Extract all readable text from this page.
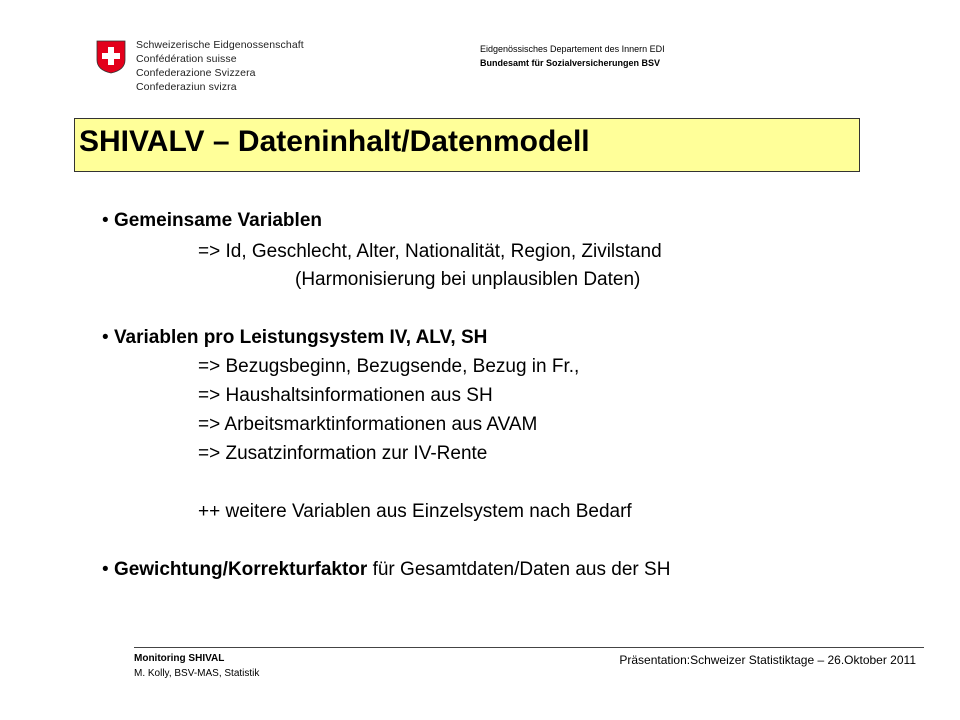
Schweizerische Eidgenossenschaft
Confédération suisse
Confederazione Svizzera
Confederaziun svizra
Eidgenössisches Departement des Innern EDI
Bundesamt für Sozialversicherungen BSV
SHIVALV – Dateninhalt/Datenmodell
• Gemeinsame Variablen
=> Id, Geschlecht, Alter, Nationalität, Region, Zivilstand
(Harmonisierung bei unplausiblen Daten)
• Variablen pro Leistungsystem IV, ALV, SH
=> Bezugsbeginn, Bezugsende, Bezug in Fr.,
=> Haushaltsinformationen aus SH
=> Arbeitsmarktinformationen aus AVAM
=> Zusatzinformation zur IV-Rente
++ weitere Variablen aus Einzelsystem nach Bedarf
• Gewichtung/Korrekturfaktor für Gesamtdaten/Daten aus der SH
Monitoring SHIVAL
M. Kolly, BSV-MAS, Statistik
Präsentation:Schweizer Statistiktage – 26.Oktober 2011
